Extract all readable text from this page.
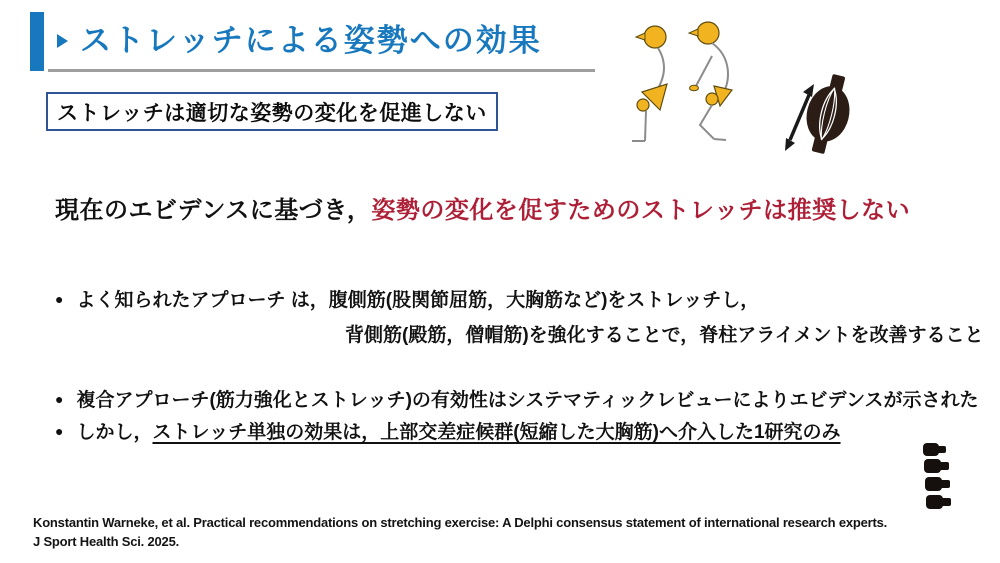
ストレッチによる姿勢への効果
ストレッチは適切な姿勢の変化を促進しない
現在のエビデンスに基づき，姿勢の変化を促すためのストレッチは推奨しない
● よく知られたアプローチ は，腹側筋(股関節屈筋，大胸筋など)をストレッチし，
背側筋(殿筋，僧帽筋)を強化することで，脊柱アライメントを改善すること
● 複合アプローチ(筋力強化とストレッチ)の有効性はシステマティックレビューによりエビデンスが示された
● しかし，ストレッチ単独の効果は，上部交差症候群(短縮した大胸筋)へ介入した1研究のみ
Konstantin Warneke, et al. Practical recommendations on stretching exercise: A Delphi consensus statement of international research experts.
J Sport Health Sci. 2025.
